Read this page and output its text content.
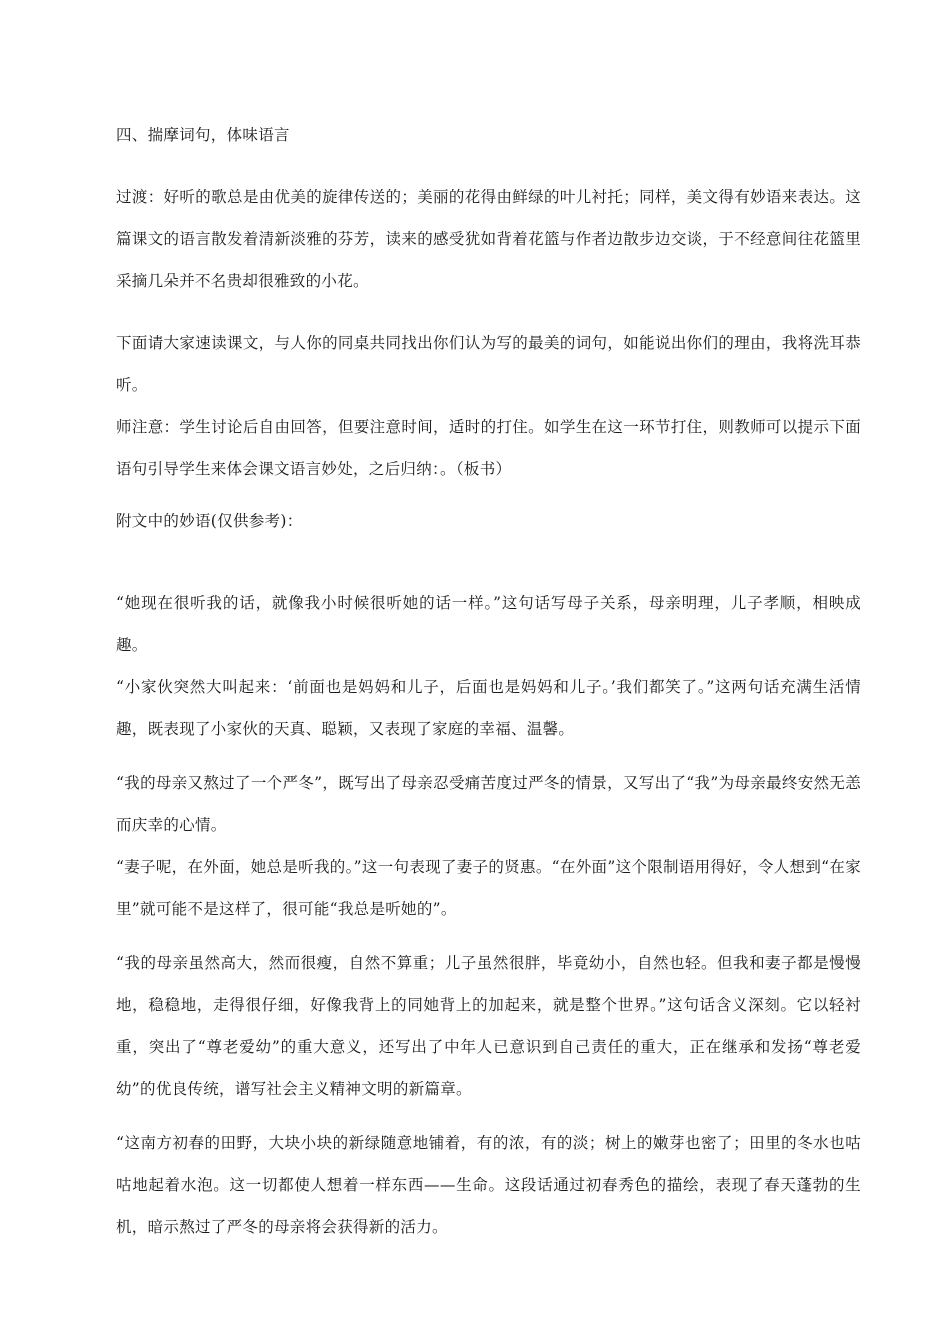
四、揣摩词句，体味语言

过渡：好听的歌总是由优美的旋律传送的；美丽的花得由鲜绿的叶儿衬托；同样，美文得有妙语来表达。这篇课文的语言散发着清新淡雅的芬芳，读来的感受犹如背着花篮与作者边散步边交谈，于不经意间往花篮里采摘几朵并不名贵却很雅致的小花。

下面请大家速读课文，与人你的同桌共同找出你们认为写的最美的词句，如能说出你们的理由，我将洗耳恭听。

师注意：学生讨论后自由回答，但要注意时间，适时的打住。如学生在这一环节打住，则教师可以提示下面语句引导学生来体会课文语言妙处，之后归纳：。（板书）

附文中的妙语(仅供参考)：

“她现在很听我的话，就像我小时候很听她的话一样。”这句话写母子关系，母亲明理，儿子孝顺，相映成趣。

“小家伙突然大叫起来：‘前面也是妈妈和儿子，后面也是妈妈和儿子。’我们都笑了。”这两句话充满生活情趣，既表现了小家伙的天真、聪颖，又表现了家庭的幸福、温馨。

“我的母亲又熬过了一个严冬”，既写出了母亲忍受痛苦度过严冬的情景，又写出了“我”为母亲最终安然无恙而庆幸的心情。

“妻子呢，在外面，她总是听我的。”这一句表现了妻子的贤惠。“在外面”这个限制语用得好，令人想到“在家里”就可能不是这样了，很可能“我总是听她的”。

“我的母亲虽然高大，然而很瘦，自然不算重；儿子虽然很胖，毕竟幼小，自然也轻。但我和妻子都是慢慢地，稳稳地，走得很仔细，好像我背上的同她背上的加起来，就是整个世界。”这句话含义深刻。它以轻衬重，突出了“尊老爱幼”的重大意义，还写出了中年人已意识到自己责任的重大，正在继承和发扬“尊老爱幼”的优良传统，谱写社会主义精神文明的新篇章。

“这南方初春的田野，大块小块的新绿随意地铺着，有的浓，有的淡；树上的嫩芽也密了；田里的冬水也咕咕地起着水泡。这一切都使人想着一样东西——生命。这段话通过初春秀色的描绘，表现了春天蓬勃的生机，暗示熬过了严冬的母亲将会获得新的活力。
